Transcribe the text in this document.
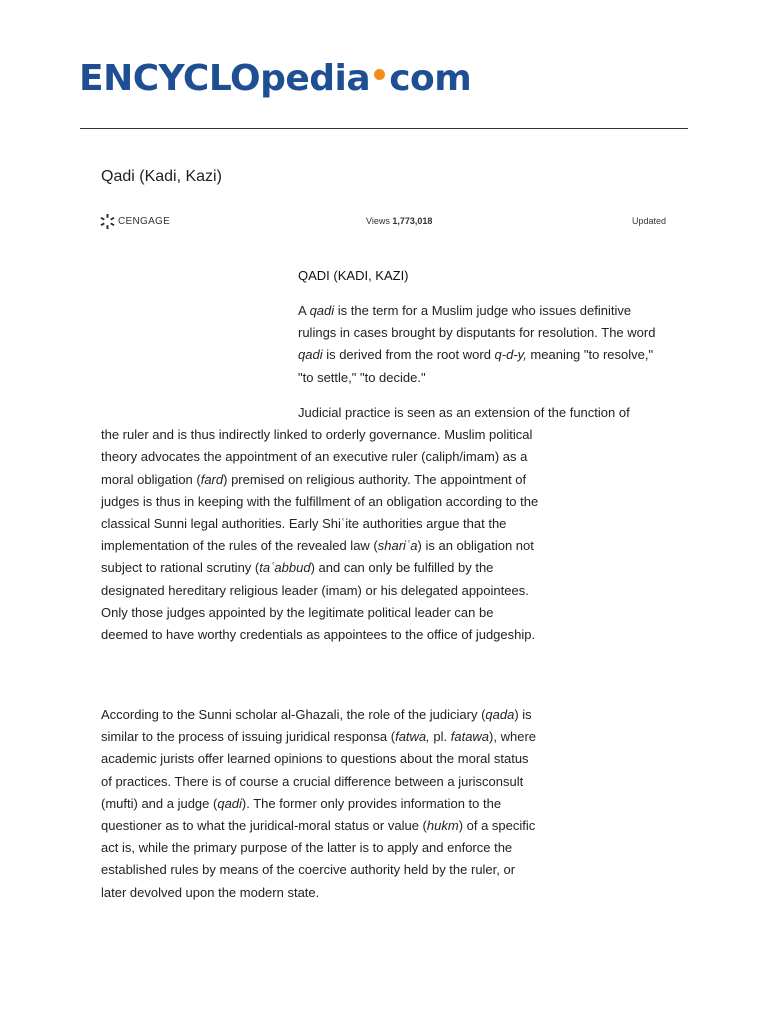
ENCYCLOpedia com
Qadi (Kadi, Kazi)
CENGAGE	Views 1,773,018	Updated
QADI (KADI, KAZI)

A qadi is the term for a Muslim judge who issues definitive rulings in cases brought by disputants for resolution. The word qadi is derived from the root word q-d-y, meaning "to resolve," "to settle," "to decide."

Judicial practice is seen as an extension of the function of
the ruler and is thus indirectly linked to orderly governance. Muslim political theory advocates the appointment of an executive ruler (caliph/imam) as a moral obligation (fard) premised on religious authority. The appointment of judges is thus in keeping with the fulfillment of an obligation according to the classical Sunni legal authorities. Early Shiʿite authorities argue that the implementation of the rules of the revealed law (shariʿa) is an obligation not subject to rational scrutiny (taʿabbud) and can only be fulfilled by the designated hereditary religious leader (imam) or his delegated appointees. Only those judges appointed by the legitimate political leader can be deemed to have worthy credentials as appointees to the office of judgeship.

According to the Sunni scholar al-Ghazali, the role of the judiciary (qada) is similar to the process of issuing juridical responsa (fatwa, pl. fatawa), where academic jurists offer learned opinions to questions about the moral status of practices. There is of course a crucial difference between a jurisconsult (mufti) and a judge (qadi). The former only provides information to the questioner as to what the juridical-moral status or value (hukm) of a specific act is, while the primary purpose of the latter is to apply and enforce the established rules by means of the coercive authority held by the ruler, or later devolved upon the modern state.
